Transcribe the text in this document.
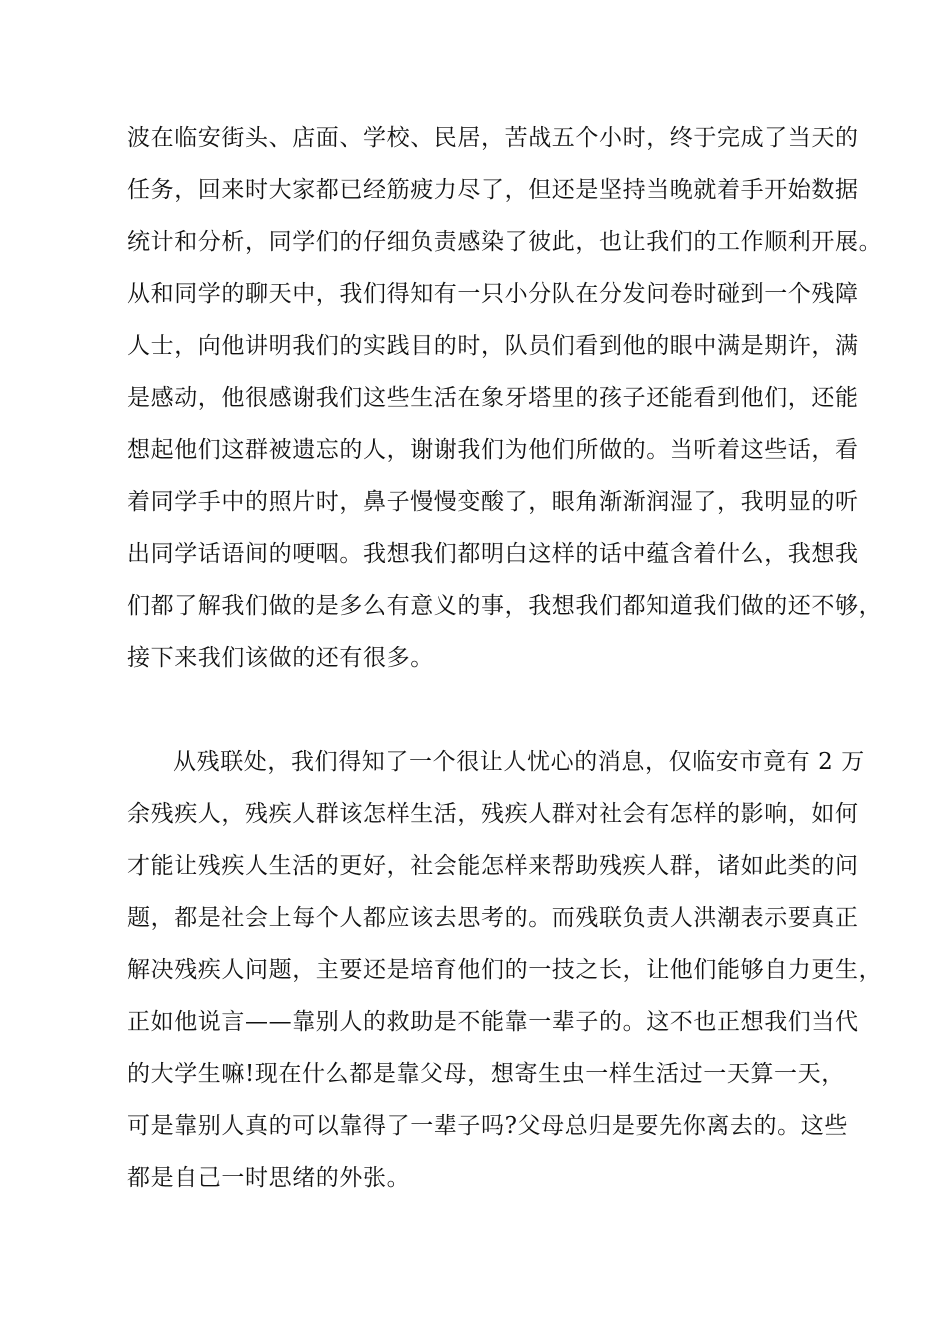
波在临安街头、店面、学校、民居，苦战五个小时，终于完成了当天的
任务，回来时大家都已经筋疲力尽了，但还是坚持当晚就着手开始数据
统计和分析，同学们的仔细负责感染了彼此，也让我们的工作顺利开展。
从和同学的聊天中，我们得知有一只小分队在分发问卷时碰到一个残障
人士，向他讲明我们的实践目的时，队员们看到他的眼中满是期许，满
是感动，他很感谢我们这些生活在象牙塔里的孩子还能看到他们，还能
想起他们这群被遗忘的人，谢谢我们为他们所做的。当听着这些话，看
着同学手中的照片时，鼻子慢慢变酸了，眼角渐渐润湿了，我明显的听
出同学话语间的哽咽。我想我们都明白这样的话中蕴含着什么，我想我
们都了解我们做的是多么有意义的事，我想我们都知道我们做的还不够，
接下来我们该做的还有很多。
从残联处，我们得知了一个很让人忧心的消息，仅临安市竟有 2 万
余残疾人，残疾人群该怎样生活，残疾人群对社会有怎样的影响，如何
才能让残疾人生活的更好，社会能怎样来帮助残疾人群，诸如此类的问
题，都是社会上每个人都应该去思考的。而残联负责人洪潮表示要真正
解决残疾人问题，主要还是培育他们的一技之长，让他们能够自力更生，
正如他说言——靠别人的救助是不能靠一辈子的。这不也正想我们当代
的大学生嘛!现在什么都是靠父母，想寄生虫一样生活过一天算一天，
可是靠别人真的可以靠得了一辈子吗?父母总归是要先你离去的。这些
都是自己一时思绪的外张。
